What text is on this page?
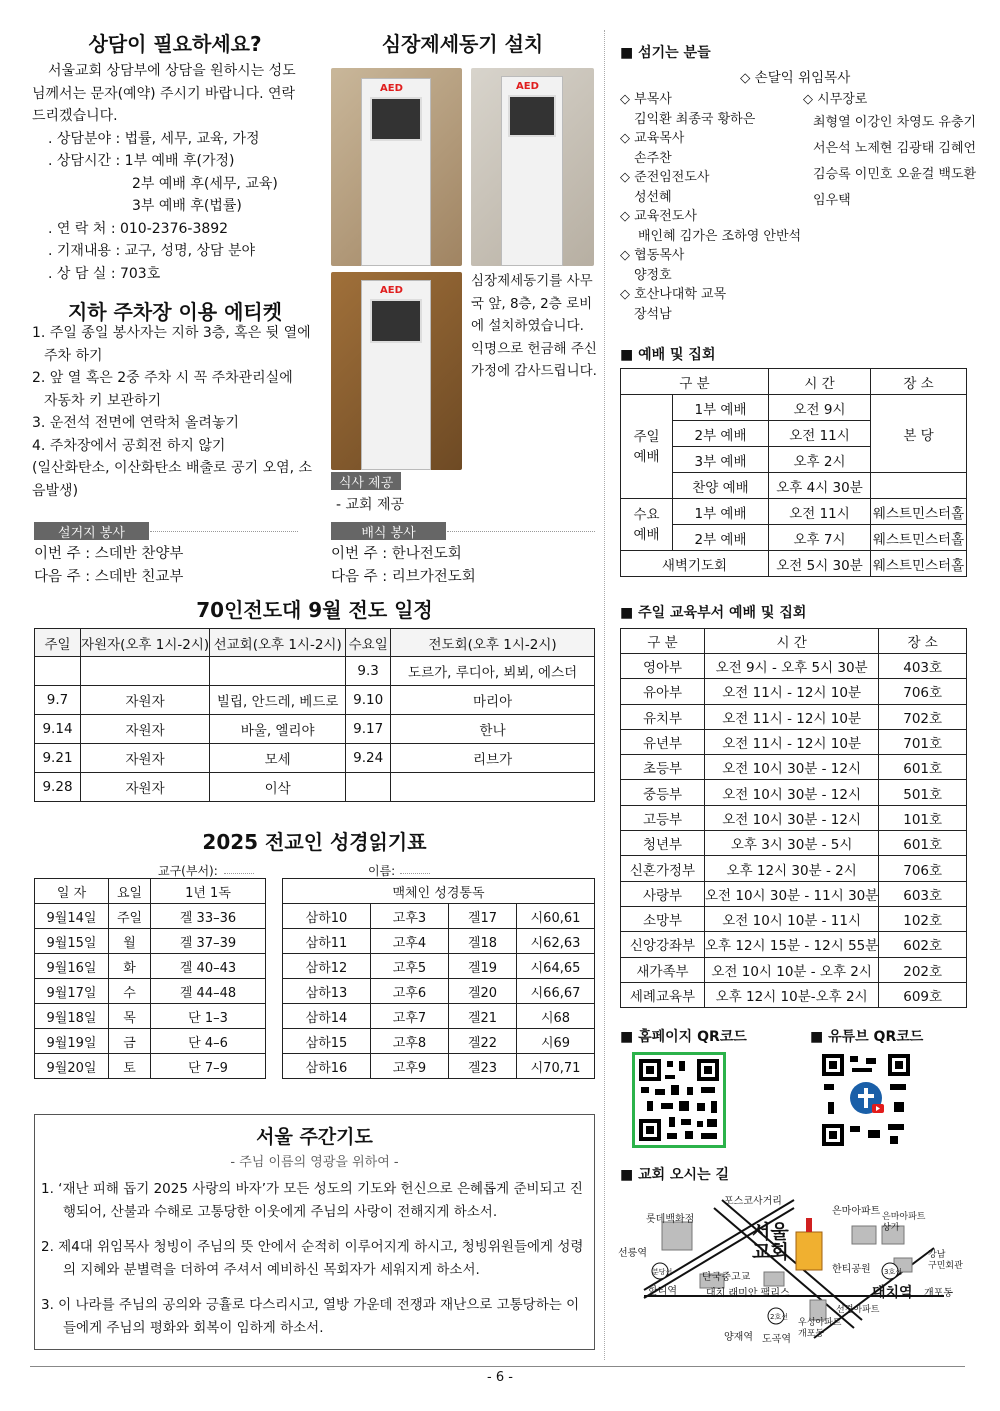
상담이 필요하세요?
서울교회 상담부에 상담을 원하시는 성도
님께서는 문자(예약) 주시기 바랍니다. 연락
드리겠습니다.
. 상담분야 : 법률, 세무, 교육, 가정
. 상담시간 : 1부 예배 후(가정)
2부 예배 후(세무, 교육)
3부 예배 후(법률)
. 연 락 처 : 010-2376-3892
. 기재내용 : 교구, 성명, 상담 분야
. 상 담 실 : 703호
지하 주차장 이용 에티켓
1. 주일 종일 봉사자는 지하 3층, 혹은 뒷 열에
주차 하기
2. 앞 열 혹은 2중 주차 시 꼭 주차관리실에
자동차 키 보관하기
3. 운전석 전면에 연락처 올려놓기
4. 주차장에서 공회전 하지 않기
(일산화탄소, 이산화탄소 배출로 공기 오염, 소
음발생)
심장제세동기 설치
AED	AED
AED
심장제세동기를 사무
국 앞, 8층, 2층 로비
에 설치하였습니다.
익명으로 헌금해 주신
가정에 감사드립니다.
식사 제공
- 교회 제공
설거지 봉사
이번 주 : 스데반 찬양부
다음 주 : 스데반 친교부
배식 봉사
이번 주 : 한나전도회
다음 주 : 리브가전도회
70인전도대 9월 전도 일정
주일	자원자(오후 1시-2시)	선교회(오후 1시-2시)	수요일	전도회(오후 1시-2시)
			9.3	도르가, 루디아, 뵈뵈, 에스더
9.7	자원자	빌립, 안드레, 베드로	9.10	마리아
9.14	자원자	바울, 엘리야	9.17	한나
9.21	자원자	모세	9.24	리브가
9.28	자원자	이삭		
2025 전교인 성경읽기표
교구(부서):	이름:
일 자	요일	1년 1독
9월14일	주일	겔 33–36
9월15일	월	겔 37–39
9월16일	화	겔 40–43
9월17일	수	겔 44–48
9월18일	목	단 1–3
9월19일	금	단 4–6
9월20일	토	단 7–9
맥체인 성경통독			
삼하10	고후3	겔17	시60,61
삼하11	고후4	겔18	시62,63
삼하12	고후5	겔19	시64,65
삼하13	고후6	겔20	시66,67
삼하14	고후7	겔21	시68
삼하15	고후8	겔22	시69
삼하16	고후9	겔23	시70,71
서울 주간기도
- 주님 이름의 영광을 위하여 -
1. ‘재난 피해 돕기 2025 사랑의 바자’가 모든 성도의 기도와 헌신으로 은혜롭게 준비되고 진
행되어, 산불과 수해로 고통당한 이웃에게 주님의 사랑이 전해지게 하소서.
2. 제4대 위임목사 청빙이 주님의 뜻 안에서 순적히 이루어지게 하시고, 청빙위원들에게 성령
의 지혜와 분별력을 더하여 주셔서 예비하신 목회자가 세워지게 하소서.
3. 이 나라를 주님의 공의와 긍휼로 다스리시고, 열방 가운데 전쟁과 재난으로 고통당하는 이
들에게 주님의 평화와 회복이 임하게 하소서.
■ 섬기는 분들
◇ 손달익 위임목사
◇ 부목사
김익환 최종국 황하은
◇ 교육목사
손주찬
◇ 준전임전도사
성선혜
◇ 교육전도사
배인혜 김가은 조하영 안반석
◇ 협동목사
양정호
◇ 호산나대학 교목
장석남
◇ 시무장로
최형열 이강인 차영도 유충기
서은석 노제현 김광태 김혜언
김승록 이민호 오윤걸 백도환
임우택
■ 예배 및 집회
구 분		시 간	장 소
주일
예배	1부 예배	오전 9시	본 당
	2부 예배	오전 11시	
	3부 예배	오후 2시	
	찬양 예배	오후 4시 30분	
수요
예배	1부 예배	오전 11시	웨스트민스터홀
	2부 예배	오후 7시	웨스트민스터홀
새벽기도회		오전 5시 30분	웨스트민스터홀
■ 주일 교육부서 예배 및 집회
구 분	시 간	장 소
영아부	오전 9시 - 오후 5시 30분	403호
유아부	오전 11시 - 12시 10분	706호
유치부	오전 11시 - 12시 10분	702호
유년부	오전 11시 - 12시 10분	701호
초등부	오전 10시 30분 - 12시	601호
중등부	오전 10시 30분 - 12시	501호
고등부	오전 10시 30분 - 12시	101호
청년부	오후 3시 30분 - 5시	601호
신혼가정부	오후 12시 30분 - 2시	706호
사랑부	오전 10시 30분 - 11시 30분	603호
소망부	오전 10시 10분 - 11시	102호
신앙강좌부	오후 12시 15분 - 12시 55분	602호
새가족부	오전 10시 10분 - 오후 2시	202호
세례교육부	오후 12시 10분-오후 2시	609호
■ 홈페이지 QR코드	■ 유튜브 QR코드
■ 교회 오시는 길
포스코사거리
롯데백화점
은마아파트 은마아파트
상가
선릉역
분당선
한티역
단국중고교
서울
교회
대치 래미안 팰리스
한티공원 3호선
대치역
강남
구민회관
개포동
선경아파트
2호선
우성아파트
개포동
양재역 도곡역
- 6 -
